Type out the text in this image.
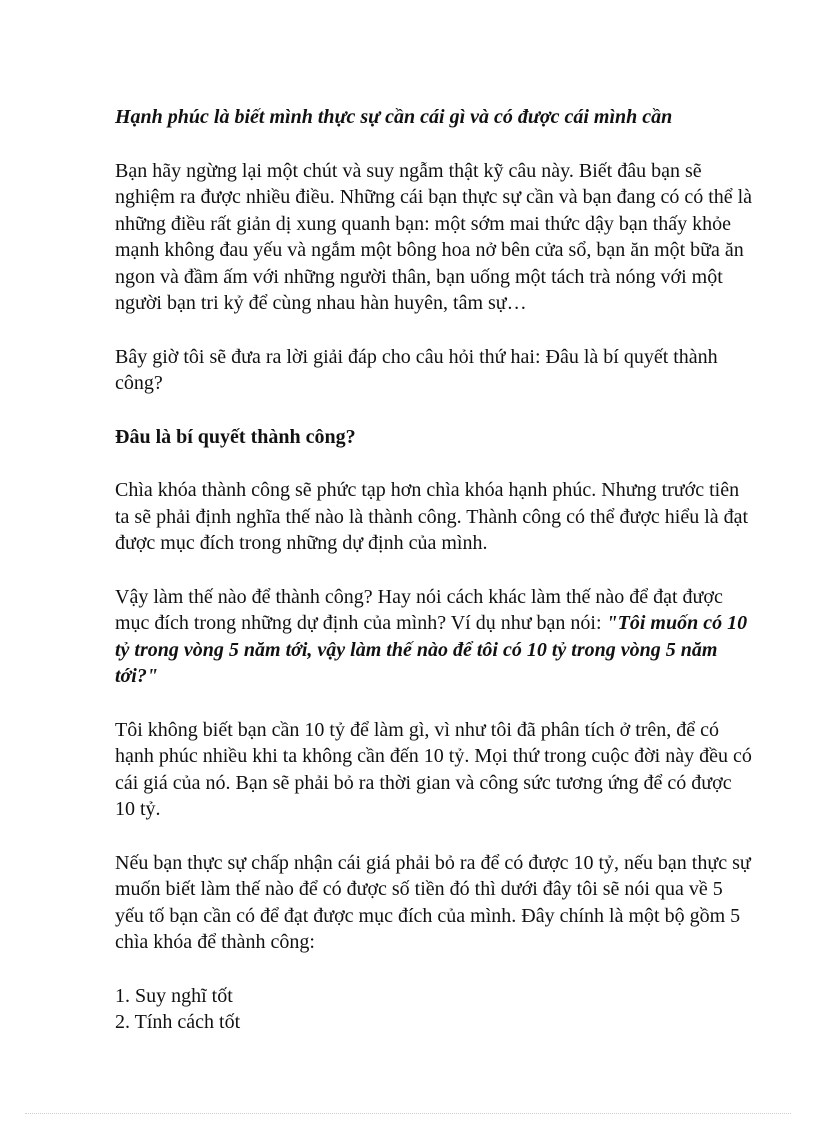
Hạnh phúc là biết mình thực sự cần cái gì và có được cái mình cần

Bạn hãy ngừng lại một chút và suy ngẫm thật kỹ câu này. Biết đâu bạn sẽ nghiệm ra được nhiều điều. Những cái bạn thực sự cần và bạn đang có có thể là những điều rất giản dị xung quanh bạn: một sớm mai thức dậy bạn thấy khỏe mạnh không đau yếu và ngắm một bông hoa nở bên cửa sổ, bạn ăn một bữa ăn ngon và đầm ấm với những người thân, bạn uống một tách trà nóng với một người bạn tri kỷ để cùng nhau hàn huyên, tâm sự…

Bây giờ tôi sẽ đưa ra lời giải đáp cho câu hỏi thứ hai: Đâu là bí quyết thành công?

Đâu là bí quyết thành công?

Chìa khóa thành công sẽ phức tạp hơn chìa khóa hạnh phúc. Nhưng trước tiên ta sẽ phải định nghĩa thế nào là thành công. Thành công có thể được hiểu là đạt được mục đích trong những dự định của mình.

Vậy làm thế nào để thành công? Hay nói cách khác làm thế nào để đạt được mục đích trong những dự định của mình? Ví dụ như bạn nói: "Tôi muốn có 10 tỷ trong vòng 5 năm tới, vậy làm thế nào để tôi có 10 tỷ trong vòng 5 năm tới?"

Tôi không biết bạn cần 10 tỷ để làm gì, vì như tôi đã phân tích ở trên, để có hạnh phúc nhiều khi ta không cần đến 10 tỷ. Mọi thứ trong cuộc đời này đều có cái giá của nó. Bạn sẽ phải bỏ ra thời gian và công sức tương ứng để có được 10 tỷ.

Nếu bạn thực sự chấp nhận cái giá phải bỏ ra để có được 10 tỷ, nếu bạn thực sự muốn biết làm thế nào để có được số tiền đó thì dưới đây tôi sẽ nói qua về 5 yếu tố bạn cần có để đạt được mục đích của mình. Đây chính là một bộ gồm 5 chìa khóa để thành công:

1. Suy nghĩ tốt
2. Tính cách tốt
